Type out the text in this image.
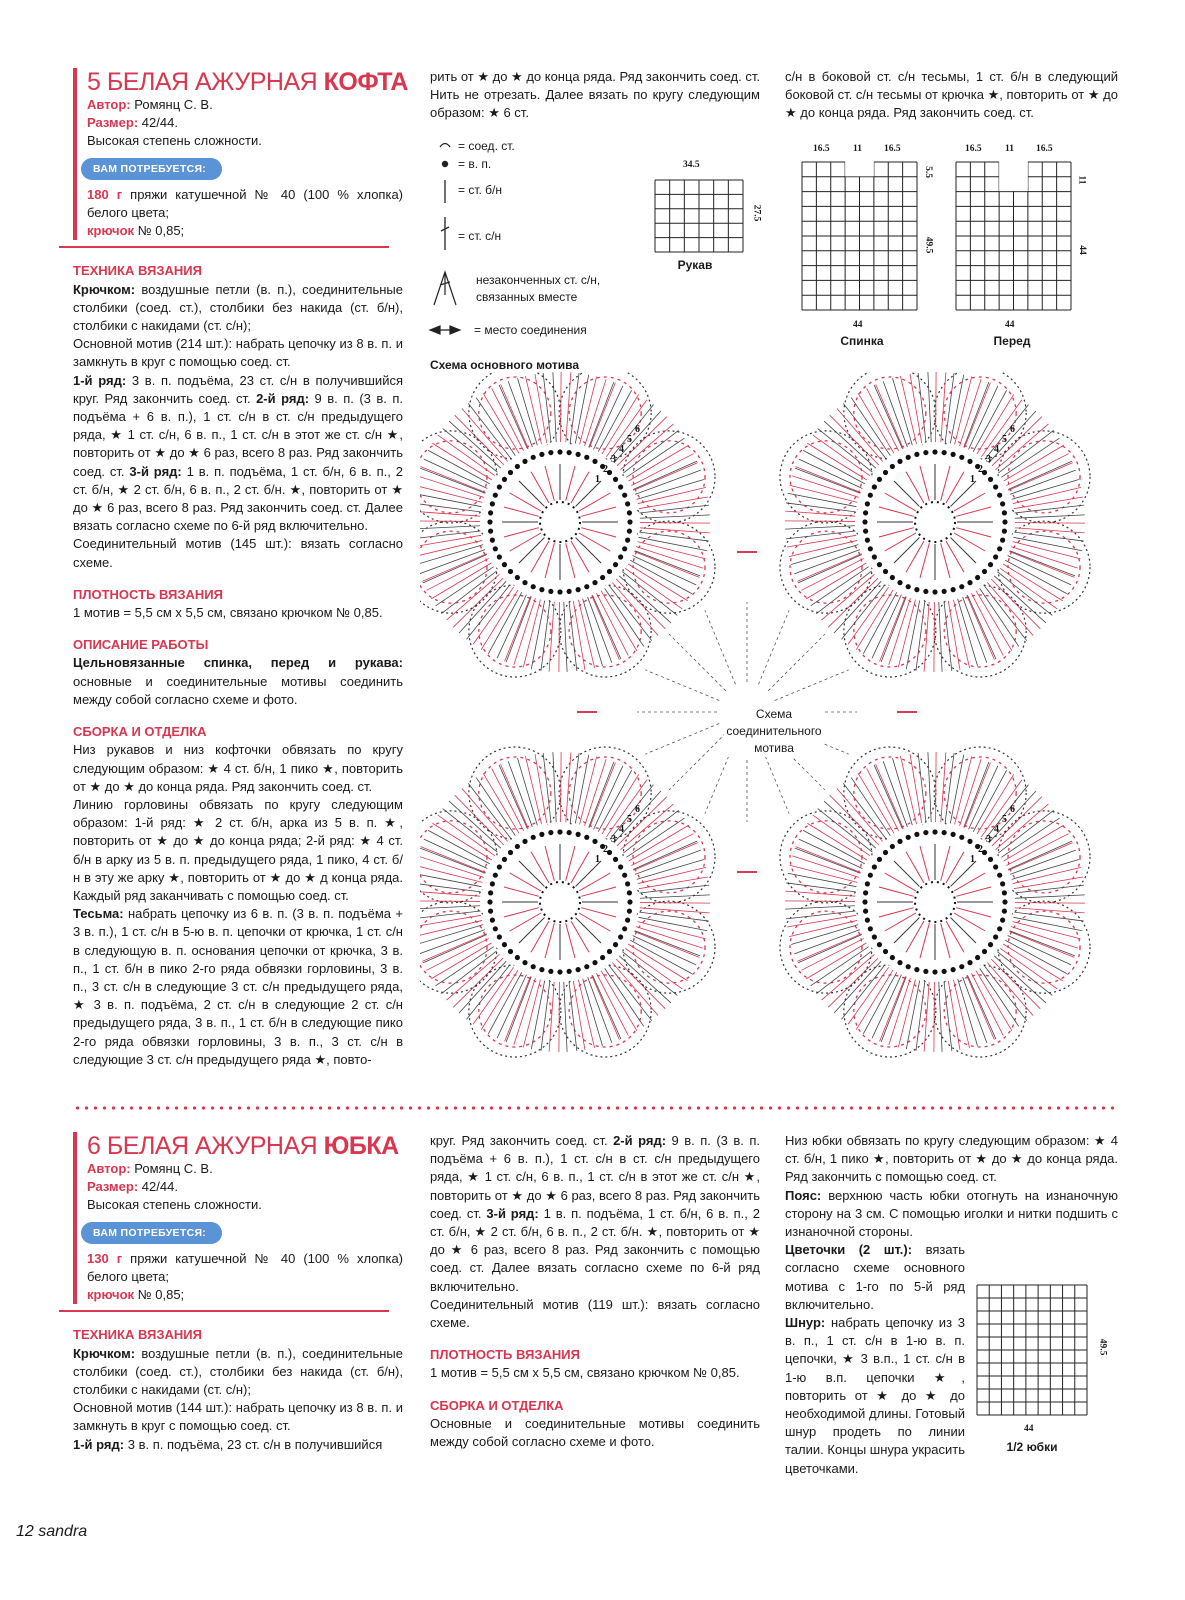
5 БЕЛАЯ АЖУРНАЯ КОФТА

Автор: Ромянц С. В.

Размер: 42/44.

Высокая степень сложности.

ВАМ ПОТРЕБУЕТСЯ:

180 г пряжи катушечной № 40 (100 % хлопка) белого цвета;

крючок № 0,85;

ТЕХНИКА ВЯЗАНИЯ

Крючком: воздушные петли (в. п.), соединительные столбики (соед. ст.), столбики без накида (ст. б/н), столбики с накидами (ст. с/н);

Основной мотив (214 шт.): набрать цепочку из 8 в. п. и замкнуть в круг с помощью соед. ст.

1-й ряд: 3 в. п. подъёма, 23 ст. с/н в получившийся круг. Ряд закончить соед. ст. 2-й ряд: 9 в. п. (3 в. п. подъёма + 6 в. п.), 1 ст. с/н в ст. с/н предыдущего ряда, ★ 1 ст. с/н, 6 в. п., 1 ст. с/н в этот же ст. с/н ★, повторить от ★ до ★ 6 раз, всего 8 раз. Ряд закончить соед. ст. 3-й ряд: 1 в. п. подъёма, 1 ст. б/н, 6 в. п., 2 ст. б/н, ★ 2 ст. б/н, 6 в. п., 2 ст. б/н. ★, повторить от ★ до ★ 6 раз, всего 8 раз. Ряд закончить соед. ст. Далее вязать согласно схеме по 6-й ряд включительно.

Соединительный мотив (145 шт.): вязать согласно схеме.

ПЛОТНОСТЬ ВЯЗАНИЯ

1 мотив = 5,5 см х 5,5 см, связано крючком № 0,85.

ОПИСАНИЕ РАБОТЫ

Цельновязанные спинка, перед и рукава: основные и соединительные мотивы соединить между собой согласно схеме и фото.

СБОРКА И ОТДЕЛКА

Низ рукавов и низ кофточки обвязать по кругу следующим образом: ★ 4 ст. б/н, 1 пико ★, повторить от ★ до ★ до конца ряда. Ряд закончить соед. ст.

Линию горловины обвязать по кругу следующим образом: 1-й ряд: ★ 2 ст. б/н, арка из 5 в. п. ★, повторить от ★ до ★ до конца ряда; 2-й ряд: ★ 4 ст. б/н в арку из 5 в. п. предыдущего ряда, 1 пико, 4 ст. б/н в эту же арку ★, повторить от ★ до ★ д конца ряда. Каждый ряд заканчивать с помощью соед. ст.

Тесьма: набрать цепочку из 6 в. п. (3 в. п. подъёма + 3 в. п.), 1 ст. с/н в 5-ю в. п. цепочки от крючка, 1 ст. с/н в следующую в. п. основания цепочки от крючка, 3 в. п., 1 ст. б/н в пико 2-го ряда обвязки горловины, 3 в. п., 3 ст. с/н в следующие 3 ст. с/н предыдущего ряда, ★ 3 в. п. подъёма, 2 ст. с/н в следующие 2 ст. с/н предыдущего ряда, 3 в. п., 1 ст. б/н в следующие пико 2-го ряда обвязки горловины, 3 в. п., 3 ст. с/н в следующие 3 ст. с/н предыдущего ряда ★, повто-

рить от ★ до ★ до конца ряда. Ряд закончить соед. ст. Нить не отрезать. Далее вязать по кругу следующим образом: ★ 6 ст.

с/н в боковой ст. с/н тесьмы, 1 ст. б/н в следующий боковой ст. с/н тесьмы от крючка ★, повторить от ★ до ★ до конца ряда. Ряд закончить соед. ст.

= соед. ст.
= в. п.
= ст. б/н
= ст. с/н
незаконченных ст. с/н,
связанных вместе
= место соединения
34.5
27.5
Рукав
16.5 11 16.5
5.5
49.5
44
Спинка
16.5 11 16.5
11
44
44
Перед
Схема основного мотива
1
2
3
4
5
6
1
2
3
4
5
6
1
2
3
4
5
6
1
2
3
4
5
6
Схема соединительного мотива
6 БЕЛАЯ АЖУРНАЯ ЮБКА

Автор: Ромянц С. В.

Размер: 42/44.

Высокая степень сложности.

ВАМ ПОТРЕБУЕТСЯ:

130 г пряжи катушечной № 40 (100 % хлопка) белого цвета;

крючок № 0,85;

ТЕХНИКА ВЯЗАНИЯ

Крючком: воздушные петли (в. п.), соединительные столбики (соед. ст.), столбики без накида (ст. б/н), столбики с накидами (ст. с/н);

Основной мотив (144 шт.): набрать цепочку из 8 в. п. и замкнуть в круг с помощью соед. ст.

1-й ряд: 3 в. п. подъёма, 23 ст. с/н в получившийся

круг. Ряд закончить соед. ст. 2-й ряд: 9 в. п. (3 в. п. подъёма + 6 в. п.), 1 ст. с/н в ст. с/н предыдущего ряда, ★ 1 ст. с/н, 6 в. п., 1 ст. с/н в этот же ст. с/н ★, повторить от ★ до ★ 6 раз, всего 8 раз. Ряд закончить соед. ст. 3-й ряд: 1 в. п. подъёма, 1 ст. б/н, 6 в. п., 2 ст. б/н, ★ 2 ст. б/н, 6 в. п., 2 ст. б/н. ★, повторить от ★ до ★ 6 раз, всего 8 раз. Ряд закончить с помощью соед. ст. Далее вязать согласно схеме по 6-й ряд включительно.

Соединительный мотив (119 шт.): вязать согласно схеме.

ПЛОТНОСТЬ ВЯЗАНИЯ

1 мотив = 5,5 см х 5,5 см, связано крючком № 0,85.

СБОРКА И ОТДЕЛКА

Основные и соединительные мотивы соединить между собой согласно схеме и фото.

Низ юбки обвязать по кругу следующим образом: ★ 4 ст. б/н, 1 пико ★, повторить от ★ до ★ до конца ряда. Ряд закончить с помощью соед. ст.

Пояс: верхнюю часть юбки отогнуть на изнаночную сторону на 3 см. С помощью иголки и нитки подшить с изнаночной стороны.

Цветочки (2 шт.): вязать согласно схеме основного мотива с 1-го по 5-й ряд включительно.

Шнур: набрать цепочку из 3 в. п., 1 ст. с/н в 1-ю в. п. цепочки, ★ 3 в.п., 1 ст. с/н в 1-ю в.п. цепочки ★, повторить от ★ до ★ до необходимой длины. Готовый шнур продеть по линии талии. Концы шнура украсить цветочками.

49.5
44
1/2 юбки
12 sandra
